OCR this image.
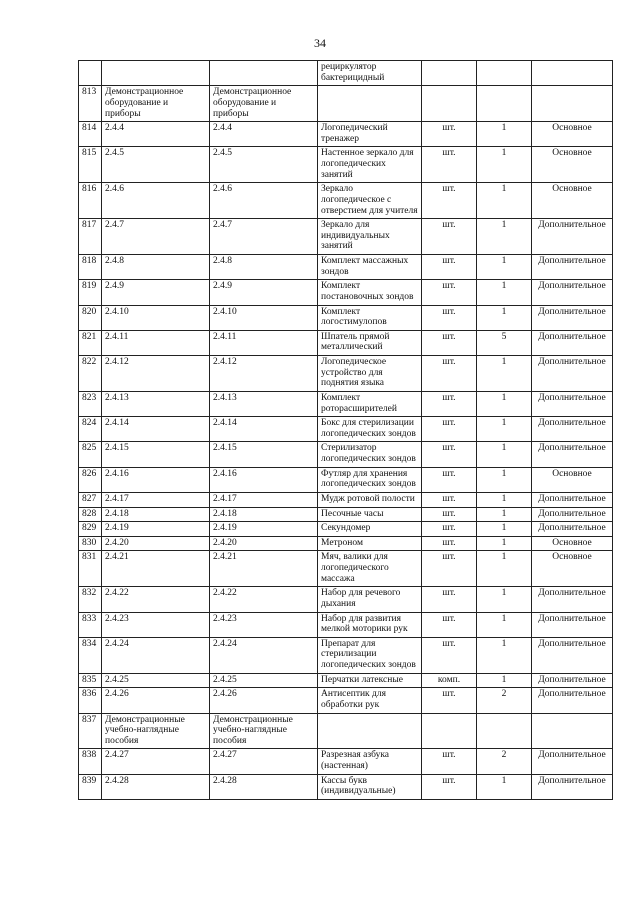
34
			рециркулятор бактерицидный			
813	Демонстрационное оборудование и приборы	Демонстрационное оборудование и приборы				
814	2.4.4	2.4.4	Логопедический тренажер	шт.	1	Основное
815	2.4.5	2.4.5	Настенное зеркало для логопедических занятий	шт.	1	Основное
816	2.4.6	2.4.6	Зеркало логопедическое с отверстием для учителя	шт.	1	Основное
817	2.4.7	2.4.7	Зеркало для индивидуальных занятий	шт.	1	Дополнительное
818	2.4.8	2.4.8	Комплект массажных зондов	шт.	1	Дополнительное
819	2.4.9	2.4.9	Комплект постановочных зондов	шт.	1	Дополнительное
820	2.4.10	2.4.10	Комплект логостимулопов	шт.	1	Дополнительное
821	2.4.11	2.4.11	Шпатель прямой металлический	шт.	5	Дополнительное
822	2.4.12	2.4.12	Логопедическое устройство для поднятия языка	шт.	1	Дополнительное
823	2.4.13	2.4.13	Комплект роторасширителей	шт.	1	Дополнительное
824	2.4.14	2.4.14	Бокс для стерилизации логопедических зондов	шт.	1	Дополнительное
825	2.4.15	2.4.15	Стерилизатор логопедических зондов	шт.	1	Дополнительное
826	2.4.16	2.4.16	Футляр для хранения логопедических зондов	шт.	1	Основное
827	2.4.17	2.4.17	Мудж ротовой полости	шт.	1	Дополнительное
828	2.4.18	2.4.18	Песочные часы	шт.	1	Дополнительное
829	2.4.19	2.4.19	Секундомер	шт.	1	Дополнительное
830	2.4.20	2.4.20	Метроном	шт.	1	Основное
831	2.4.21	2.4.21	Мяч, валики для логопедического массажа	шт.	1	Основное
832	2.4.22	2.4.22	Набор для речевого дыхания	шт.	1	Дополнительное
833	2.4.23	2.4.23	Набор для развития мелкой моторики рук	шт.	1	Дополнительное
834	2.4.24	2.4.24	Препарат для стерилизации логопедических зондов	шт.	1	Дополнительное
835	2.4.25	2.4.25	Перчатки латексные	комп.	1	Дополнительное
836	2.4.26	2.4.26	Антисептик для обработки рук	шт.	2	Дополнительное
837	Демонстрационные учебно-наглядные пособия	Демонстрационные учебно-наглядные пособия				
838	2.4.27	2.4.27	Разрезная азбука (настенная)	шт.	2	Дополнительное
839	2.4.28	2.4.28	Кассы букв (индивидуальные)	шт.	1	Дополнительное
